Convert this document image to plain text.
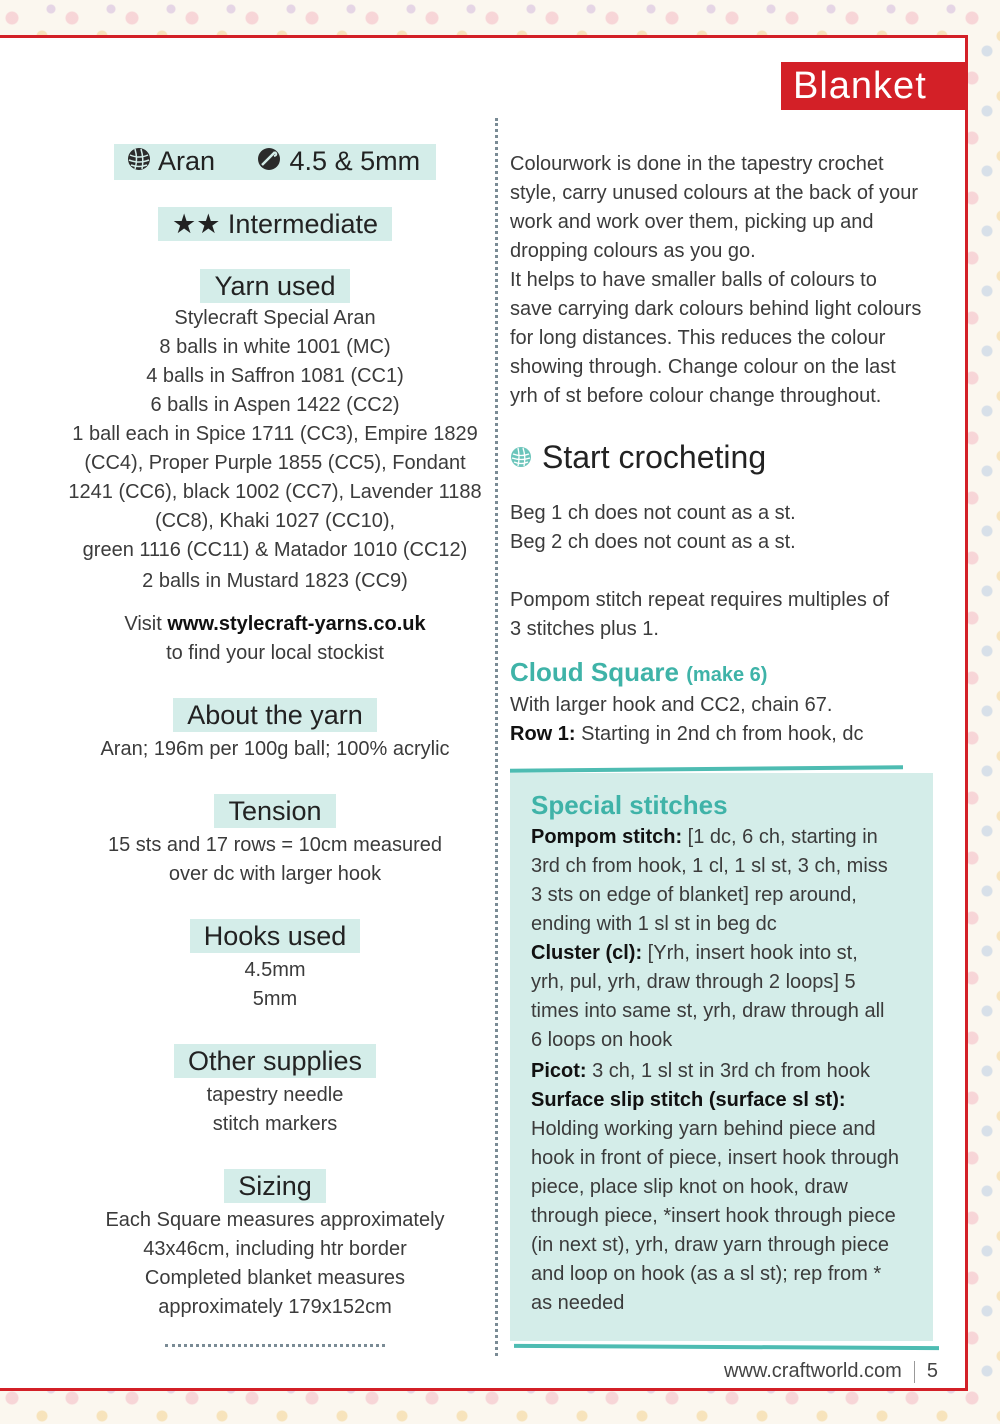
Blanket
Aran	4.5 & 5mm
★★ Intermediate
Yarn used
Stylecraft Special Aran
8 balls in white 1001 (MC)
4 balls in Saffron 1081 (CC1)
6 balls in Aspen 1422 (CC2)
1 ball each in Spice 1711 (CC3), Empire 1829
(CC4), Proper Purple 1855 (CC5), Fondant
1241 (CC6), black 1002 (CC7), Lavender 1188
(CC8), Khaki 1027 (CC10),
green 1116 (CC11) & Matador 1010 (CC12)
2 balls in Mustard 1823 (CC9)
Visit www.stylecraft-yarns.co.uk
to find your local stockist
About the yarn
Aran; 196m per 100g ball; 100% acrylic
Tension
15 sts and 17 rows = 10cm measured
over dc with larger hook
Hooks used
4.5mm
5mm
Other supplies
tapestry needle
stitch markers
Sizing
Each Square measures approximately
43x46cm, including htr border
Completed blanket measures
approximately 179x152cm

Colourwork is done in the tapestry crochet

style, carry unused colours at the back of your

work and work over them, picking up and

dropping colours as you go.

It helps to have smaller balls of colours to

save carrying dark colours behind light colours

for long distances. This reduces the colour

showing through. Change colour on the last

yrh of st before colour change throughout.

Start crocheting

Beg 1 ch does not count as a st.

Beg 2 ch does not count as a st.

Pompom stitch repeat requires multiples of

3 stitches plus 1.

Cloud Square (make 6)

With larger hook and CC2, chain 67.

Row 1: Starting in 2nd ch from hook, dc

Special stitches
Pompom stitch: [1 dc, 6 ch, starting in
3rd ch from hook, 1 cl, 1 sl st, 3 ch, miss
3 sts on edge of blanket] rep around,
ending with 1 sl st in beg dc
Cluster (cl): [Yrh, insert hook into st,
yrh, pul, yrh, draw through 2 loops] 5
times into same st, yrh, draw through all
6 loops on hook
Picot: 3 ch, 1 sl st in 3rd ch from hook
Surface slip stitch (surface sl st):
Holding working yarn behind piece and
hook in front of piece, insert hook through
piece, place slip knot on hook, draw
through piece, *insert hook through piece
(in next st), yrh, draw yarn through piece
and loop on hook (as a sl st); rep from *
as needed
www.craftworld.com 5
